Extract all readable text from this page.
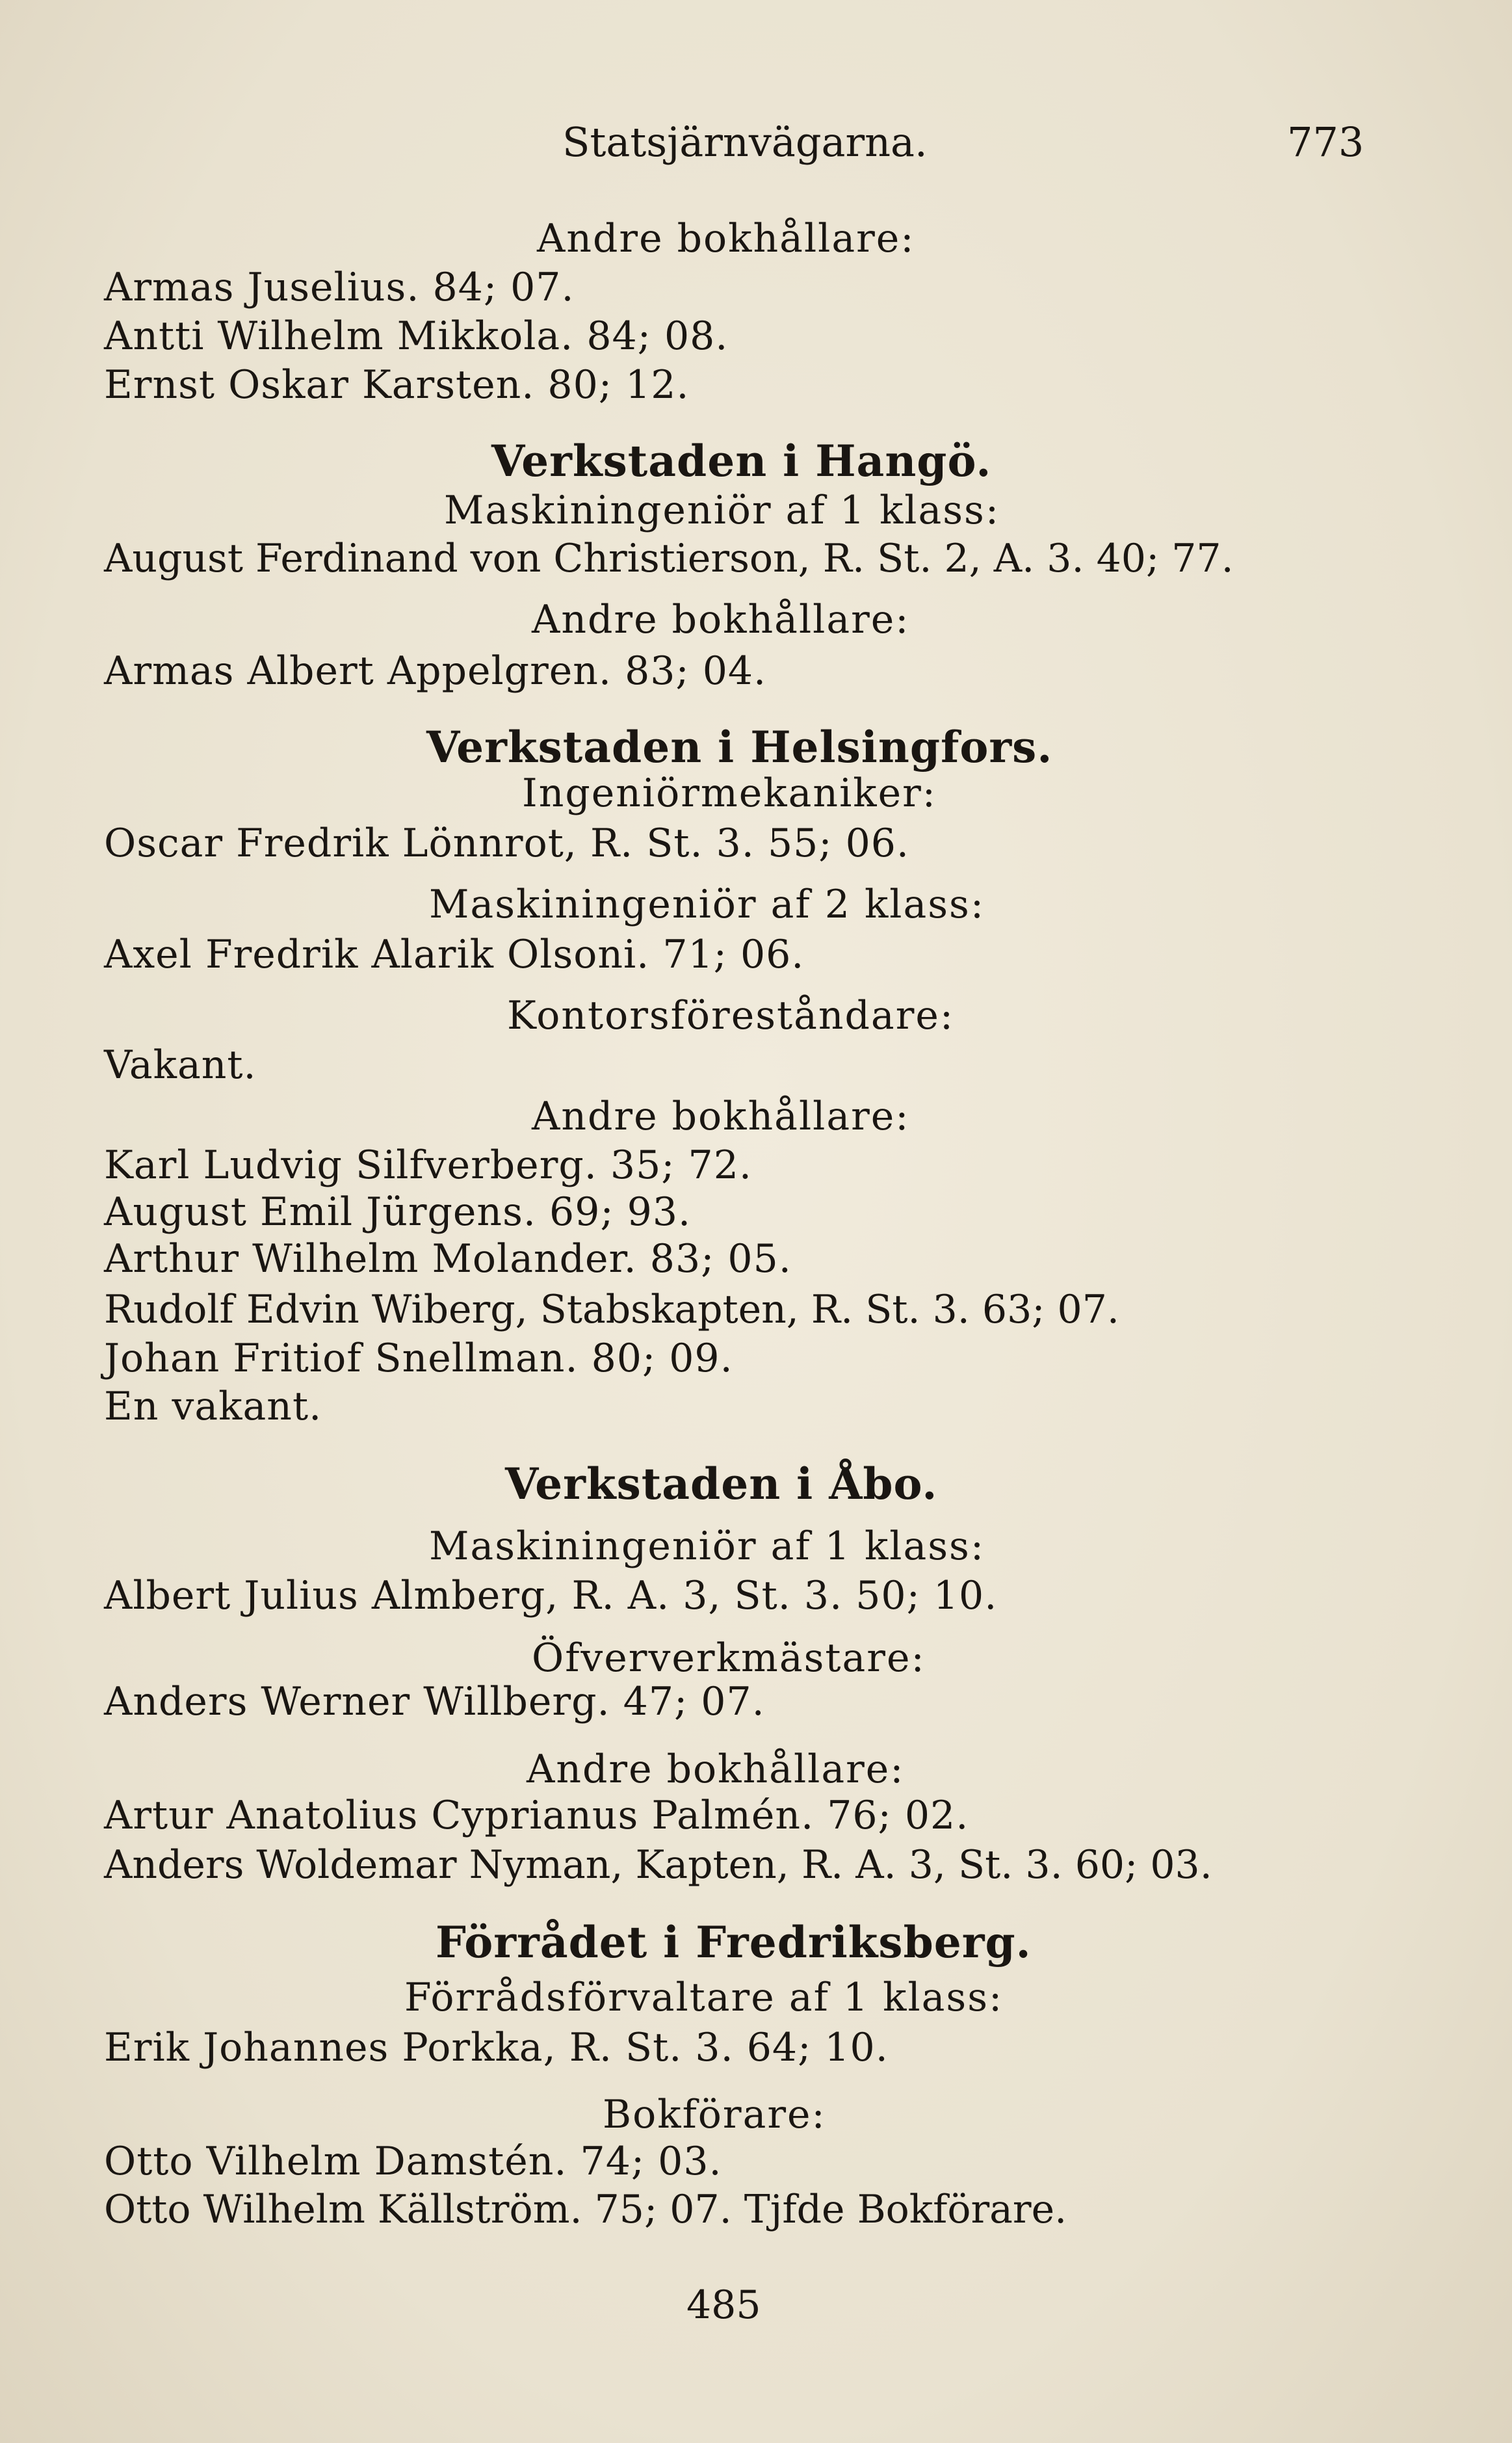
Statsjärnvägarna.	773
Andre bokhållare:
Armas Juselius. 84; 07.
Antti Wilhelm Mikkola. 84; 08.
Ernst Oskar Karsten. 80; 12.
Verkstaden i Hangö.
Maskiningeniör af 1 klass:
August Ferdinand von Christierson, R. St. 2, A. 3. 40; 77.
Andre bokhållare:
Armas Albert Appelgren. 83; 04.
Verkstaden i Helsingfors.
Ingeniörmekaniker:
Oscar Fredrik Lönnrot, R. St. 3. 55; 06.
Maskiningeniör af 2 klass:
Axel Fredrik Alarik Olsoni. 71; 06.
Kontorsföreståndare:
Vakant.
Andre bokhållare:
Karl Ludvig Silfverberg. 35; 72.
August Emil Jürgens. 69; 93.
Arthur Wilhelm Molander. 83; 05.
Rudolf Edvin Wiberg, Stabskapten, R. St. 3. 63; 07.
Johan Fritiof Snellman. 80; 09.
En vakant.
Verkstaden i Åbo.
Maskiningeniör af 1 klass:
Albert Julius Almberg, R. A. 3, St. 3. 50; 10.
Öfververkmästare:
Anders Werner Willberg. 47; 07.
Andre bokhållare:
Artur Anatolius Cyprianus Palmén. 76; 02.
Anders Woldemar Nyman, Kapten, R. A. 3, St. 3. 60; 03.
Förrådet i Fredriksberg.
Förrådsförvaltare af 1 klass:
Erik Johannes Porkka, R. St. 3. 64; 10.
Bokförare:
Otto Vilhelm Damstén. 74; 03.
Otto Wilhelm Källström. 75; 07. Tjfde Bokförare.
485
